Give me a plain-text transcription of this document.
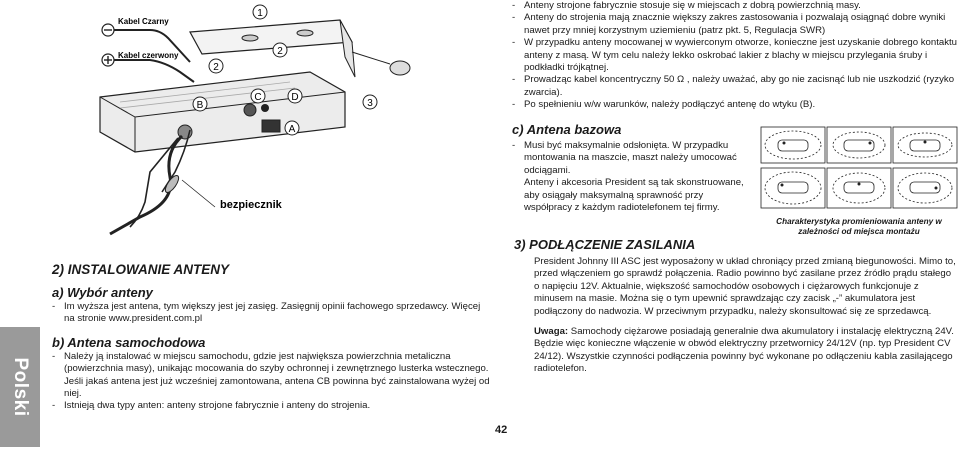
Polski
Kabel Czarny
Kabel czerwony
1
2
2
3
B
C	D
A
bezpiecznik
2) INSTALOWANIE ANTENY
a) Wybór anteny

- Im wyższa jest antena, tym większy jest jej zasięg. Zasięgnij opinii fachowego sprzedawcy. Więcej na stronie www.president.com.pl

b) Antena samochodowa

- Należy ją instalować w miejscu samochodu, gdzie jest największa powierzchnia metaliczna (powierzchnia masy), unikając mocowania do szyby ochronnej i zewnętrznego lusterka wstecznego. Jeśli jakaś antena jest już wcześniej zamontowana, antena CB powinna być zainstalowana wyżej od niej.

- Istnieją dwa typy anten: anteny strojone fabrycznie i anteny do strojenia.

- Anteny strojone fabrycznie stosuje się w miejscach z dobrą powierzchnią masy.

- Anteny do strojenia mają znacznie większy zakres zastosowania i pozwalają osiągnąć dobre wyniki nawet przy mniej korzystnym uziemieniu (patrz pkt. 5, Regulacja SWR)

- W przypadku anteny mocowanej w wywierconym otworze, konieczne jest uzyskanie dobrego kontaktu anteny z masą. W tym celu należy lekko oskrobać lakier z blachy w miejscu przylegania śruby i podkładki trójkątnej.

- Prowadząc kabel koncentryczny 50 Ω , należy uważać, aby go nie zacisnąć lub nie uszkodzić (ryzyko zwarcia).

- Po spełnieniu w/w warunków, należy podłączyć antenę do wtyku (B).

c) Antena bazowa

- Musi być maksymalnie odsłonięta. W przypadku montowania na maszcie, maszt należy umocować odciągami.

Anteny i akcesoria President są tak skonstruowane, aby osiągały maksymalną sprawność przy współpracy z każdym radiotelefonem tej firmy.

Charakterystyka promieniowania anteny w zależności od miejsca montażu
3) PODŁĄCZENIE ZASILANIA

President Johnny III ASC jest wyposażony w układ chroniący przed zmianą biegunowości. Mimo to, przed włączeniem go sprawdź połączenia. Radio powinno być zasilane przez źródło prądu stałego o napięciu 12V. Aktualnie, większość samochodów osobowych i ciężarowych funkcjonuje z minusem na masie. Można się o tym upewnić sprawdzając czy zacisk „-” akumulatora jest podłączony do nadwozia. W przeciwnym przypadku, należy skonsultować się ze sprzedawcą.

Uwaga: Samochody ciężarowe posiadają generalnie dwa akumulatory i instalację elektryczną 24V. Będzie więc konieczne włączenie w obwód elektryczny przetwornicy 24/12V (np. typ President CV 24/12). Wszystkie czynności podłączenia powinny być wykonane po odłączeniu kabla zasilającego radiotelefon.

42
